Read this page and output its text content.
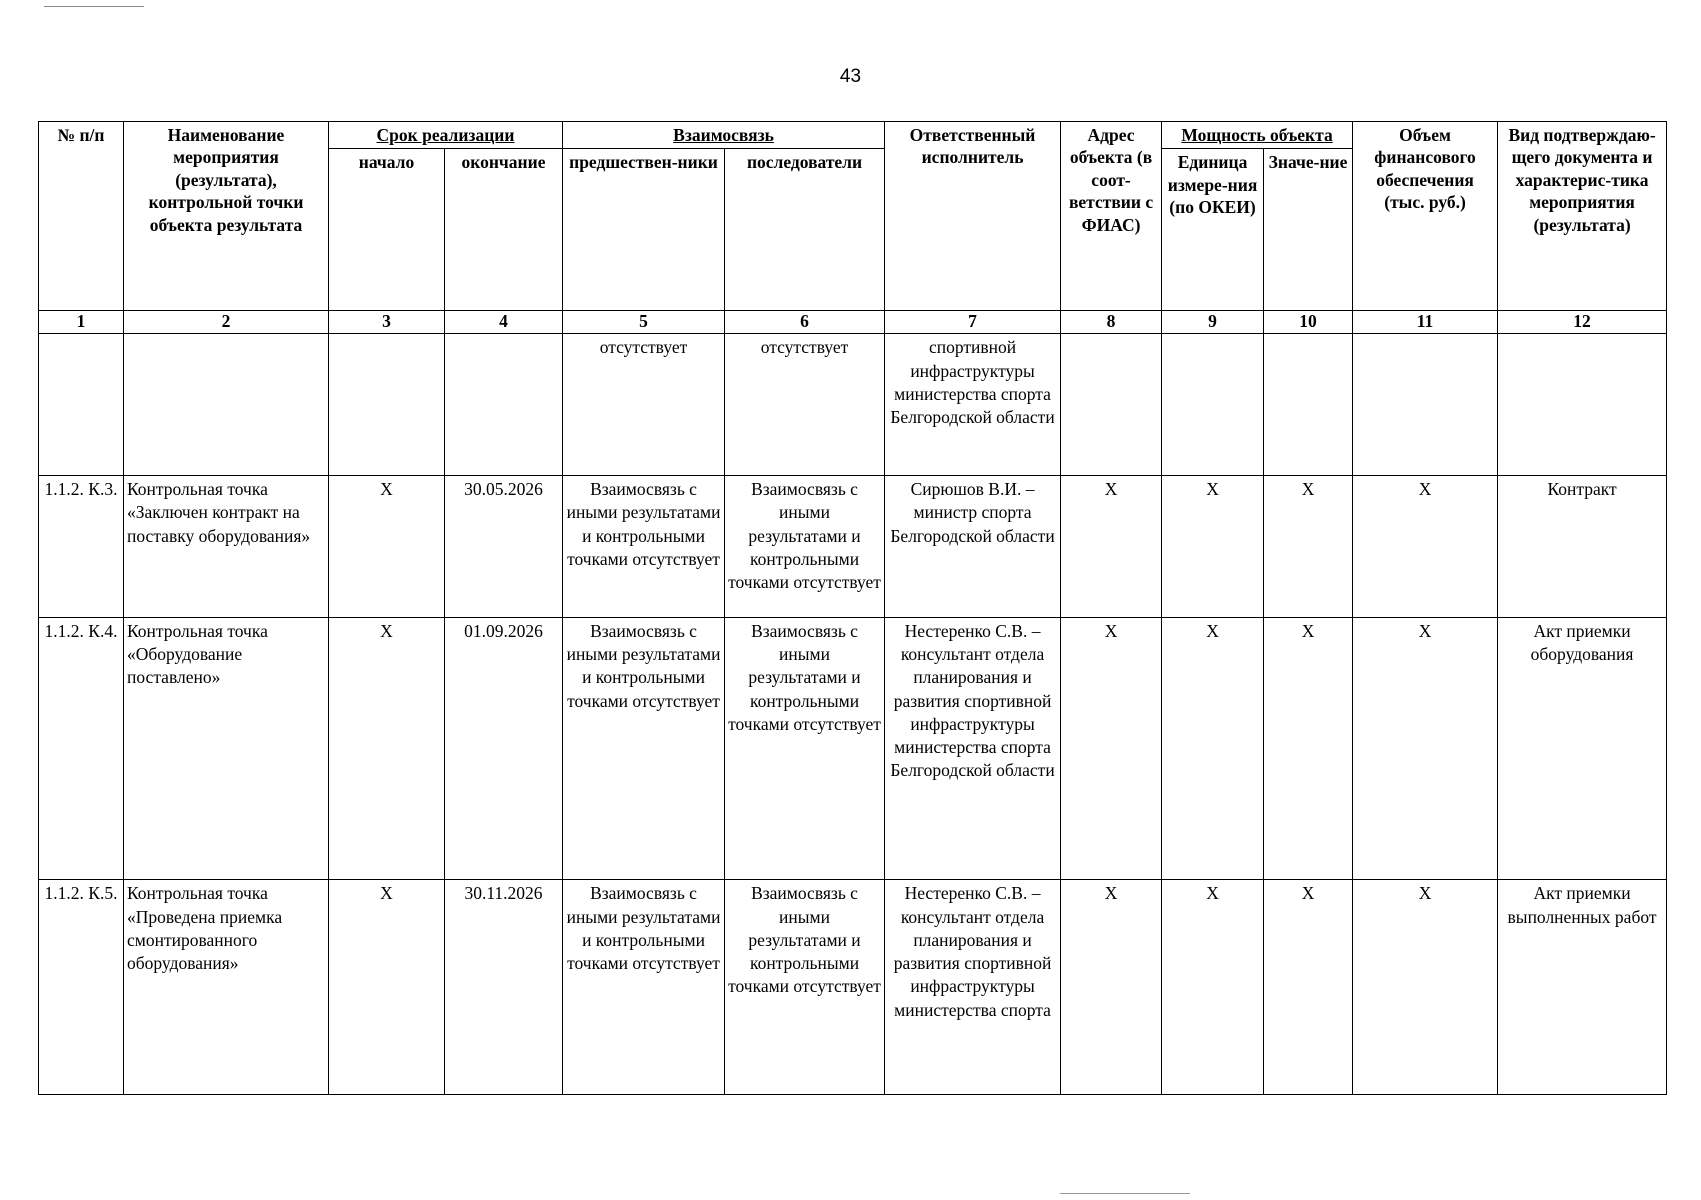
43
№ п/п	Наименование мероприятия (результата), контрольной точки объекта результата	Срок реализации		Взаимосвязь		Ответственный исполнитель	Адрес объекта (в соот-ветствии с ФИАС)	Мощность объекта		Объем финансового обеспечения (тыс. руб.)	Вид подтверждаю-щего документа и характерис-тика мероприятия (результата)
		начало	окончание	предшествен-ники	последователи			Единица измере-ния (по ОКЕИ)	Значе-ние		
1	2	3	4	5	6	7	8	9	10	11	12
				отсутствует	отсутствует	спортивной инфраструктуры министерства спорта Белгородской области					
1.1.2. К.3.	Контрольная точка «Заключен контракт на поставку оборудования»	X	30.05.2026	Взаимосвязь с иными результатами и контрольными точками отсутствует	Взаимосвязь с иными результатами и контрольными точками отсутствует	Сирюшов В.И. – министр спорта Белгородской области	X	X	X	X	Контракт
1.1.2. К.4.	Контрольная точка «Оборудование поставлено»	X	01.09.2026	Взаимосвязь с иными результатами и контрольными точками отсутствует	Взаимосвязь с иными результатами и контрольными точками отсутствует	Нестеренко С.В. – консультант отдела планирования и развития спортивной инфраструктуры министерства спорта Белгородской области	X	X	X	X	Акт приемки оборудования
1.1.2. К.5.	Контрольная точка «Проведена приемка смонтированного оборудования»	X	30.11.2026	Взаимосвязь с иными результатами и контрольными точками отсутствует	Взаимосвязь с иными результатами и контрольными точками отсутствует	Нестеренко С.В. – консультант отдела планирования и развития спортивной инфраструктуры министерства спорта	X	X	X	X	Акт приемки выполненных работ
